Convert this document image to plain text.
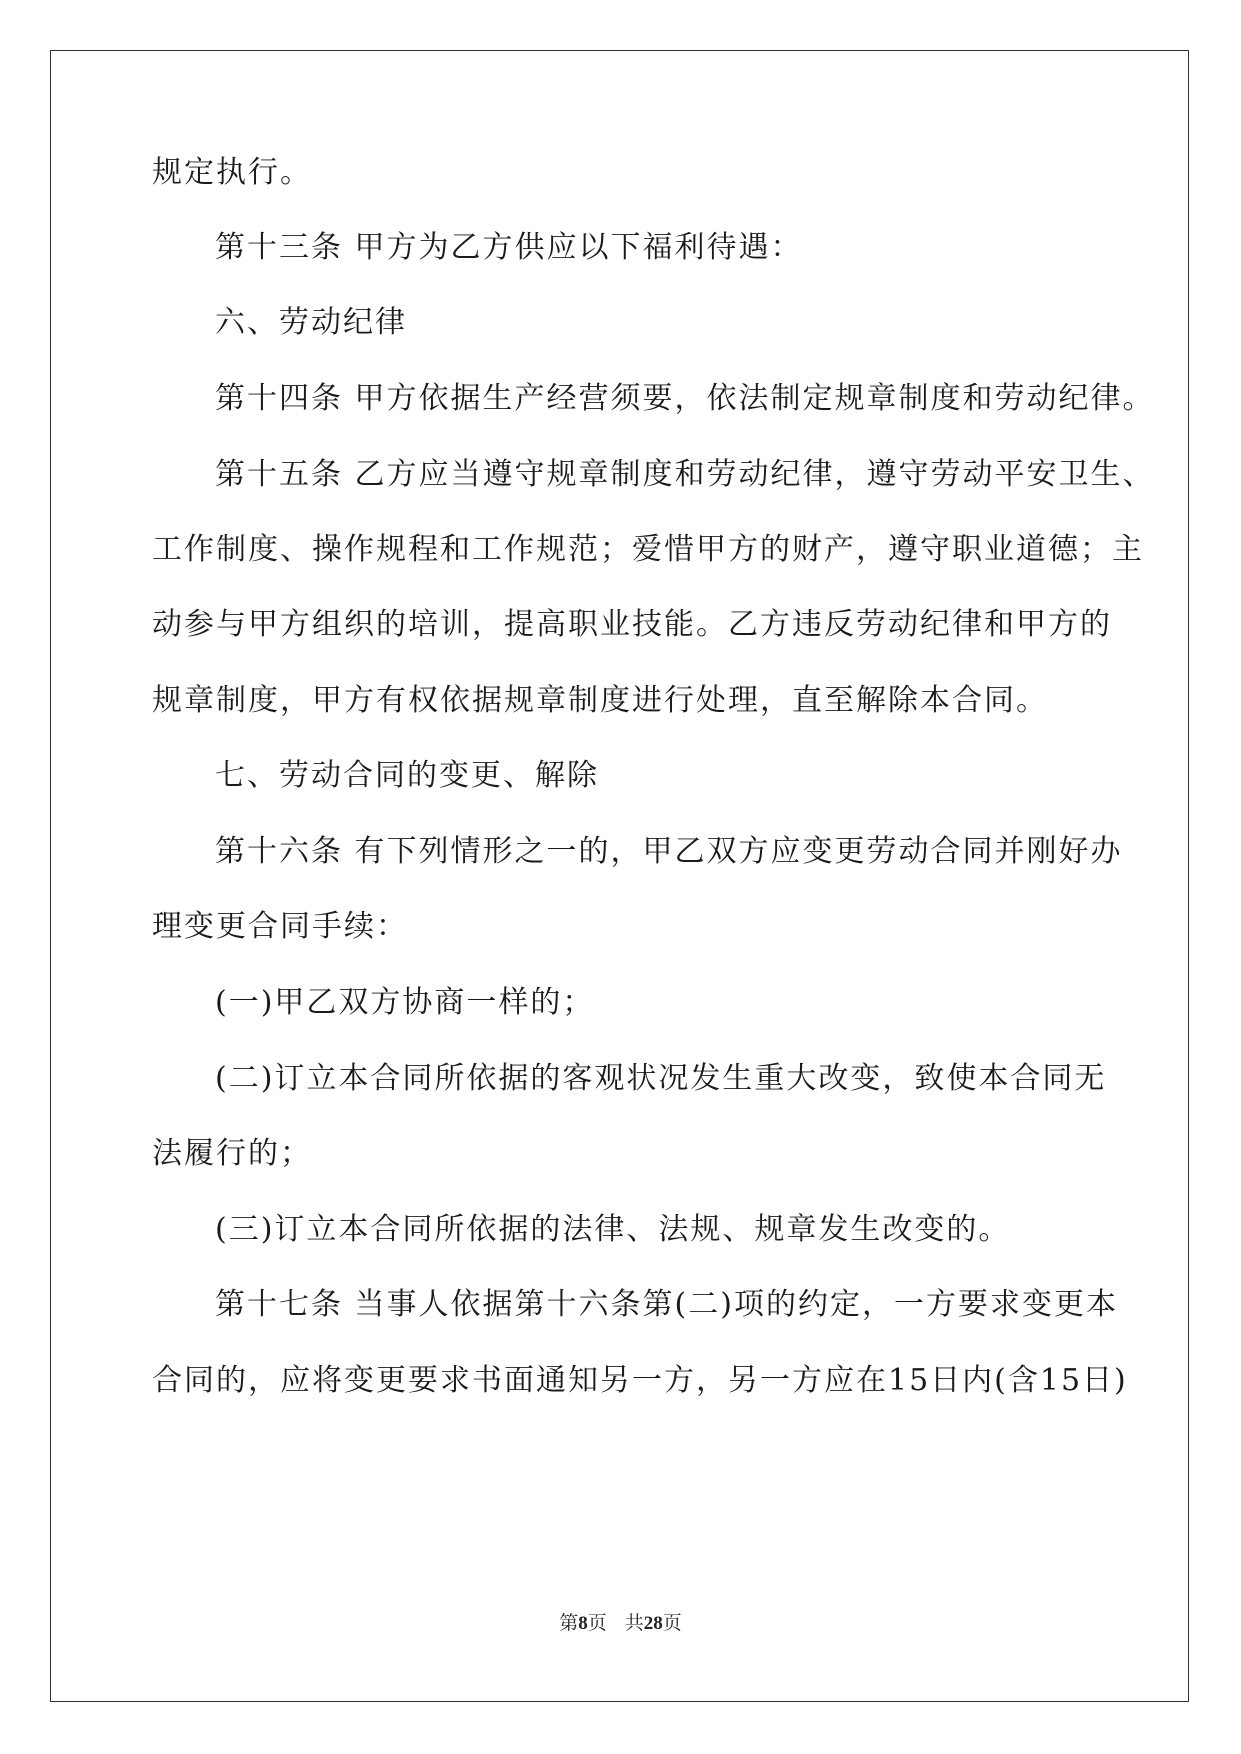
规定执行。
第十三条 甲方为乙方供应以下福利待遇：
六、劳动纪律
第十四条 甲方依据生产经营须要，依法制定规章制度和劳动纪律。
第十五条 乙方应当遵守规章制度和劳动纪律，遵守劳动平安卫生、
工作制度、操作规程和工作规范；爱惜甲方的财产，遵守职业道德；主
动参与甲方组织的培训，提高职业技能。乙方违反劳动纪律和甲方的
规章制度，甲方有权依据规章制度进行处理，直至解除本合同。
七、劳动合同的变更、解除
第十六条 有下列情形之一的，甲乙双方应变更劳动合同并刚好办
理变更合同手续：
(一)甲乙双方协商一样的；
(二)订立本合同所依据的客观状况发生重大改变，致使本合同无
法履行的；
(三)订立本合同所依据的法律、法规、规章发生改变的。
第十七条 当事人依据第十六条第(二)项的约定，一方要求变更本
合同的，应将变更要求书面通知另一方，另一方应在15日内(含15日)
第8页 共28页
